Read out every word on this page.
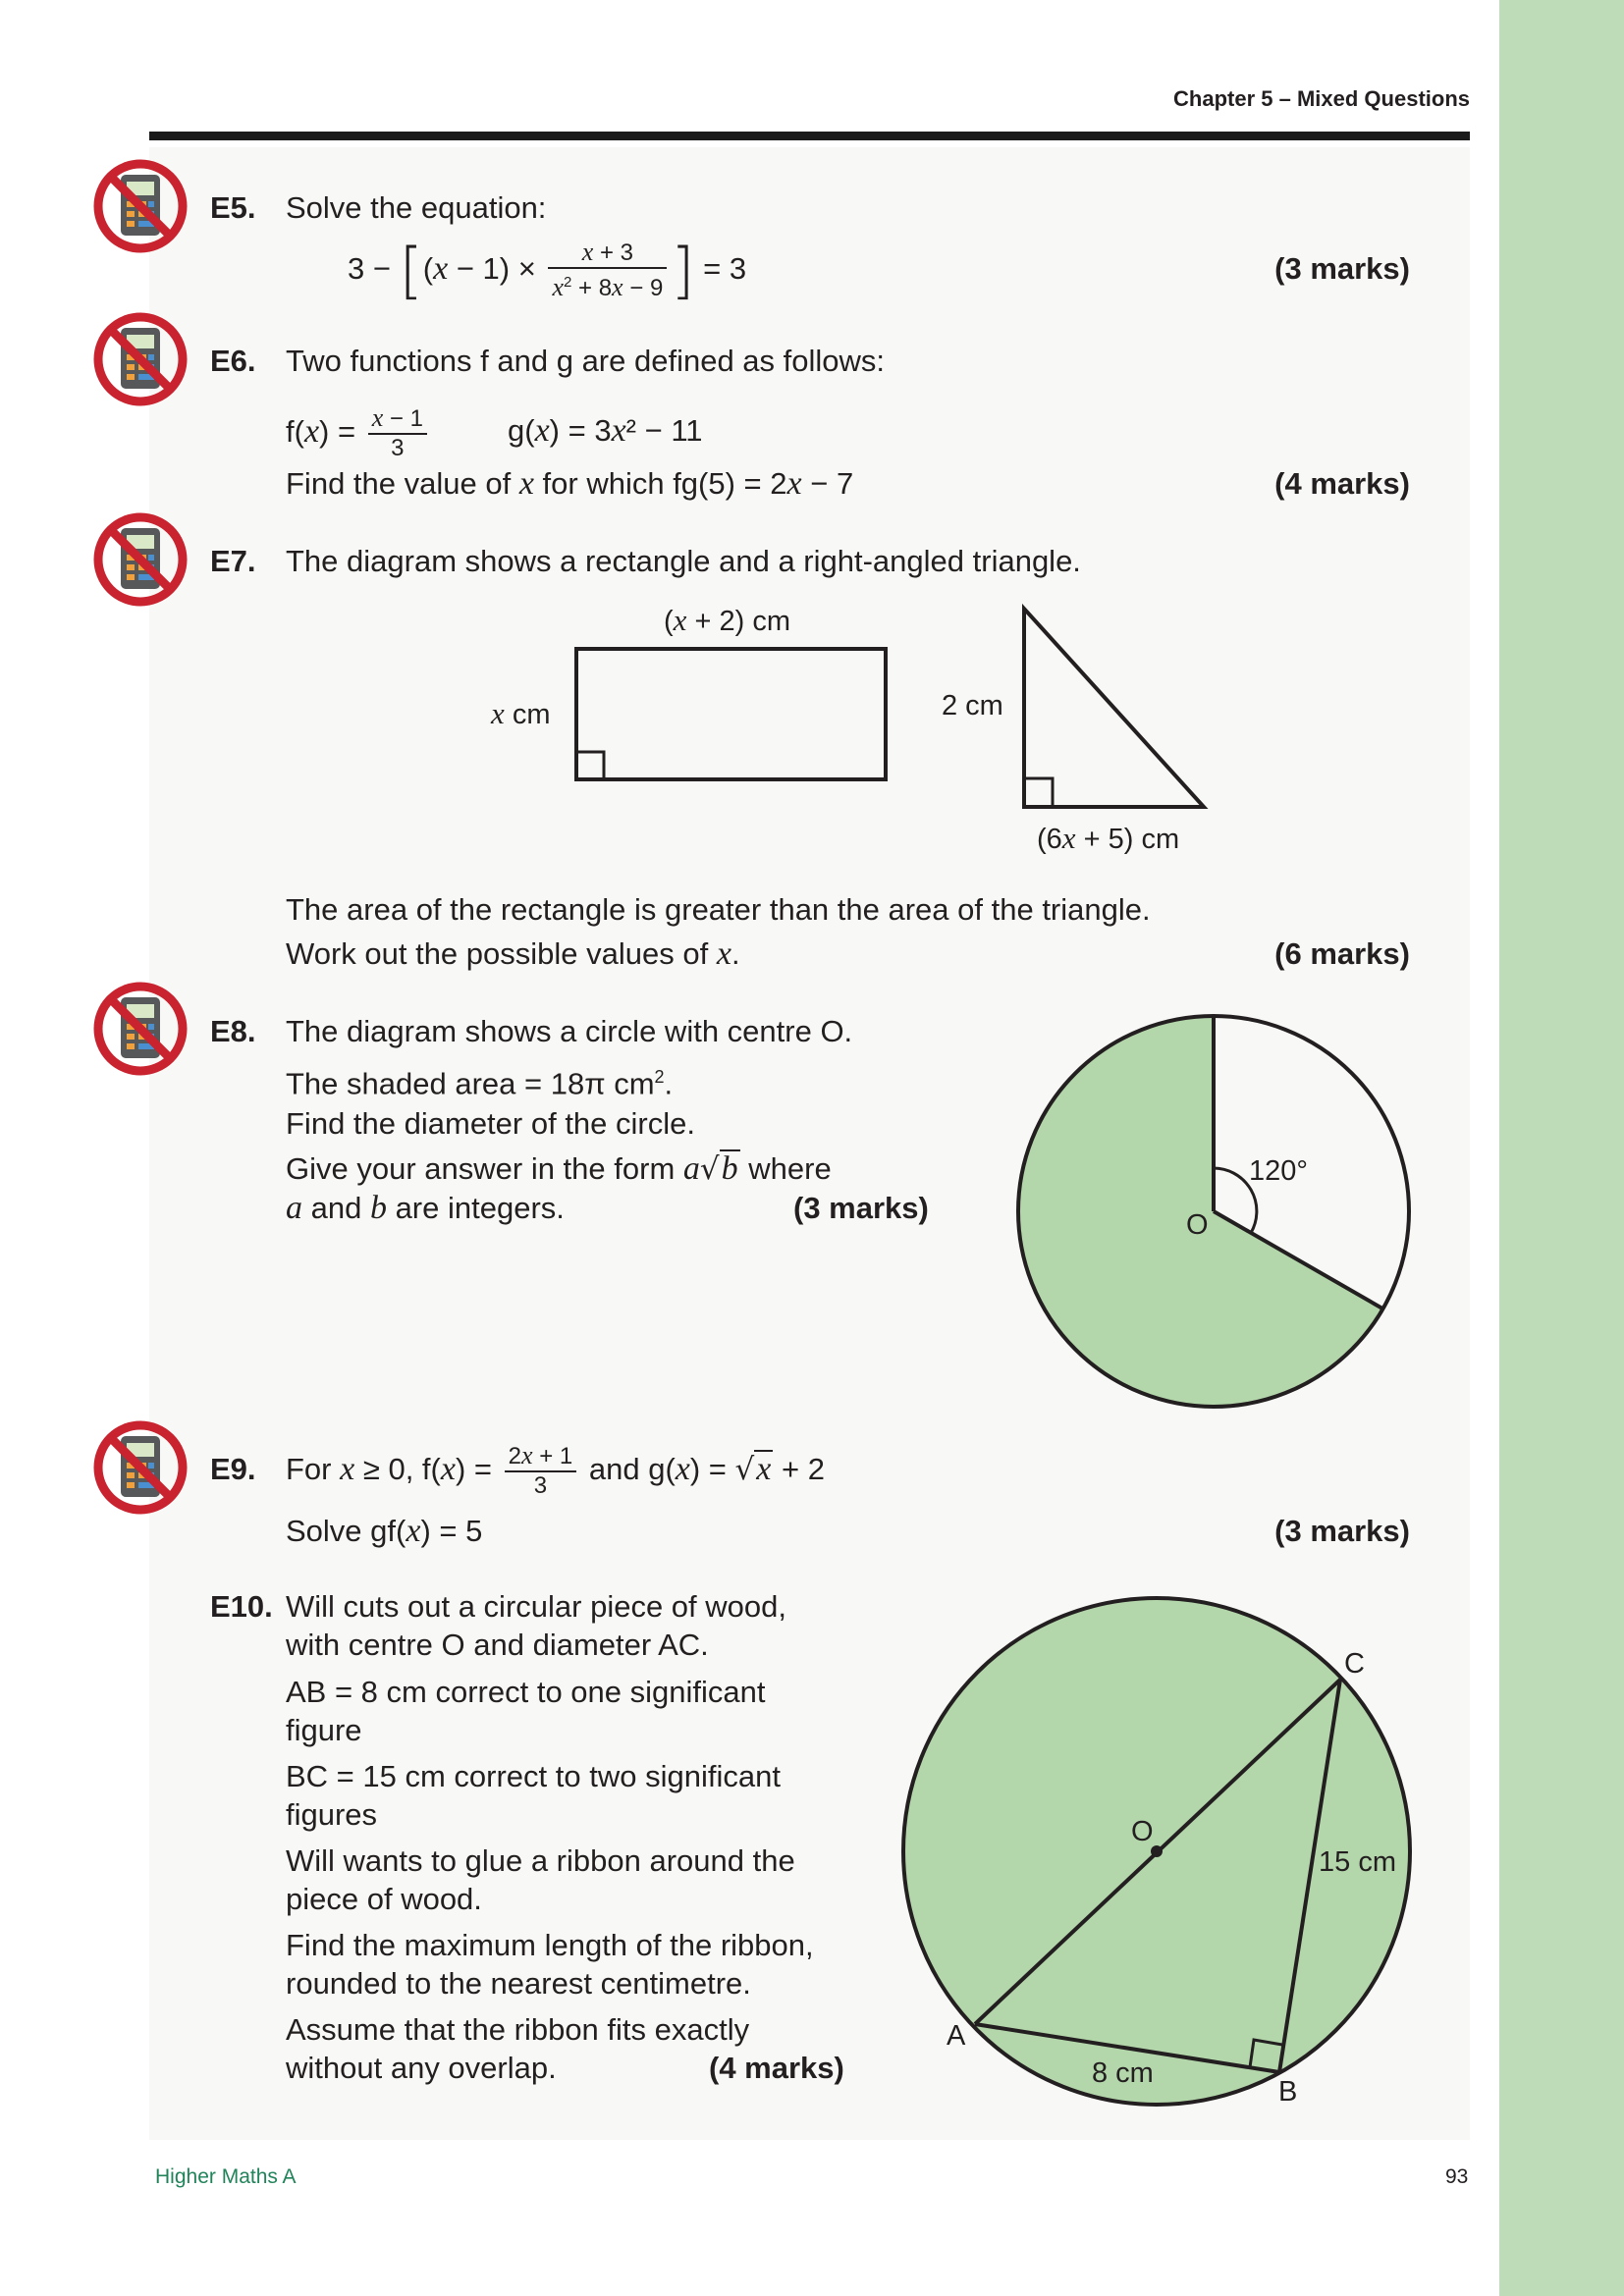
Chapter 5 – Mixed Questions
E5. Solve the equation:
$3 - [(x - 1) \times \frac{x + 3}{x^2 + 8x - 9}$ ] = 3	(3 marks)
E6. Two functions f and g are defined as follows:
$f(x) = \frac{x - 1}{3}$	g(x) = 3x² − 11
Find the value of x for which fg(5) = 2x − 7	(4 marks)
E7. The diagram shows a rectangle and a right-angled triangle.
(x + 2) cm
x cm	2 cm
(6x + 5) cm
The area of the rectangle is greater than the area of the triangle.
Work out the possible values of x.	(6 marks)
E8. The diagram shows a circle with centre O.
The shaded area = 18π $cm^2$.
Find the diameter of the circle.
Give your answer in the form a√b where
a and b are integers.	(3 marks)
120°
O
E9. For x ≥ 0, $f(x) = \frac{2x + 1}{3}$ and g(x) = √x + 2
Solve gf(x) = 5	(3 marks)
E10. Will cuts out a circular piece of wood,
with centre O and diameter AC.
AB = 8 cm correct to one significant
figure
BC = 15 cm correct to two significant
figures
Will wants to glue a ribbon around the
piece of wood.
Find the maximum length of the ribbon,
rounded to the nearest centimetre.
Assume that the ribbon fits exactly
without any overlap.	(4 marks)
A
B
C
O
8 cm
15 cm
Higher Maths A	93
